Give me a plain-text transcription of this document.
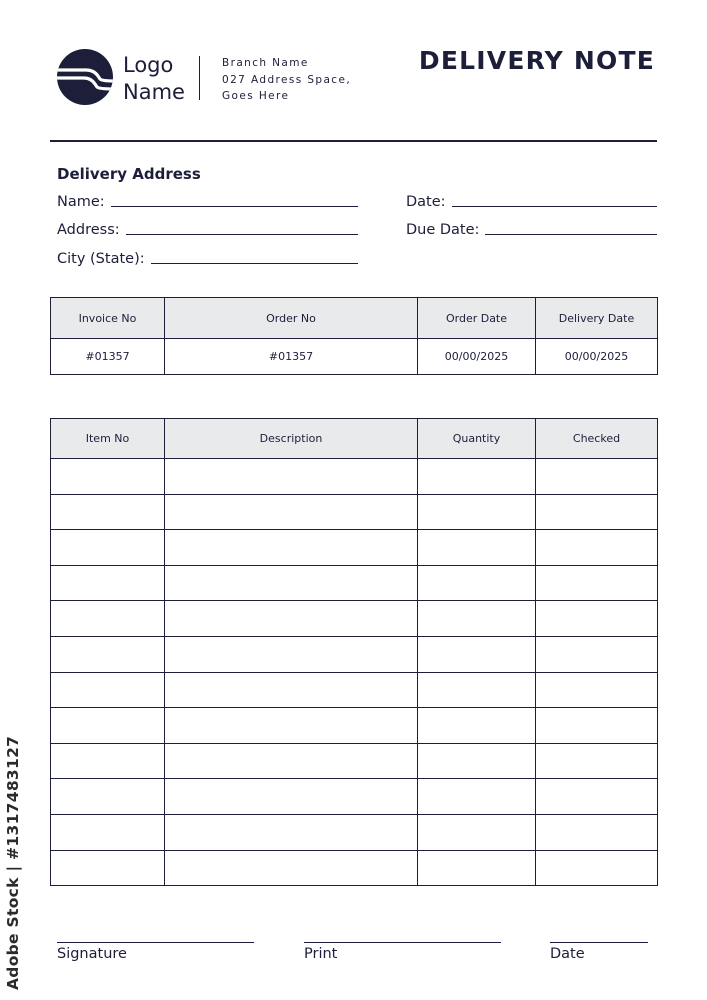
Logo
Name
Branch Name
027 Address Space,
Goes Here
DELIVERY NOTE
Delivery Address
Name:
Address:
City (State):
Date:
Due Date:
Invoice No	Order No	Order Date	Delivery Date
#01357	#01357	00/00/2025	00/00/2025
Item No	Description	Quantity	Checked

Signature	Print	Date
Adobe Stock | #1317483127
